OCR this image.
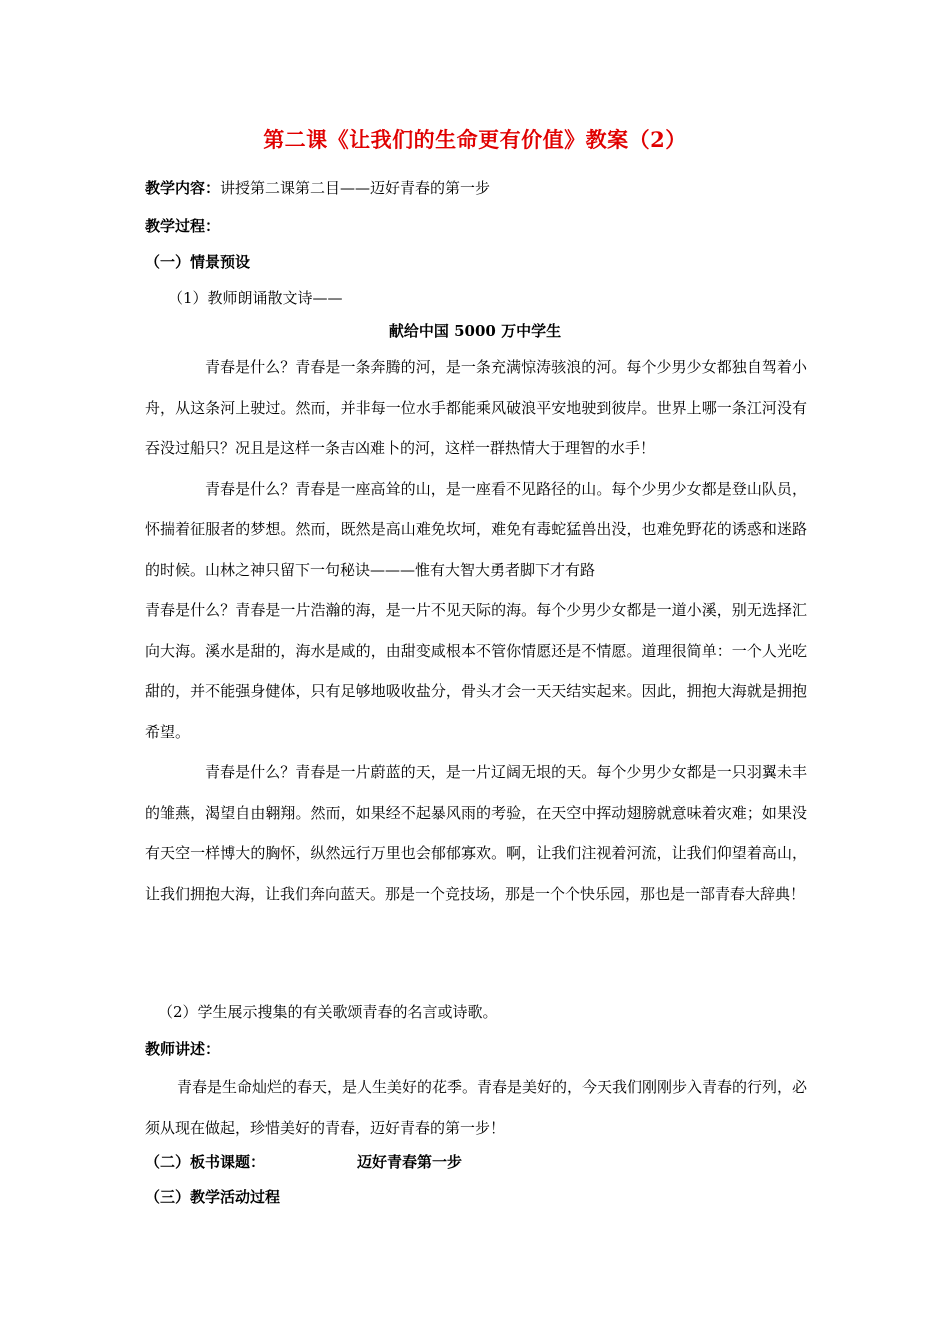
第二课《让我们的生命更有价值》教案（2）
教学内容：讲授第二课第二目——迈好青春的第一步
教学过程：
（一）情景预设
（1）教师朗诵散文诗——
献给中国 5000 万中学生

青春是什么？青春是一条奔腾的河，是一条充满惊涛骇浪的河。每个少男少女都独自驾着小舟，从这条河上驶过。然而，并非每一位水手都能乘风破浪平安地驶到彼岸。世界上哪一条江河没有吞没过船只？况且是这样一条吉凶难卜的河，这样一群热情大于理智的水手！

青春是什么？青春是一座高耸的山，是一座看不见路径的山。每个少男少女都是登山队员，怀揣着征服者的梦想。然而，既然是高山难免坎坷，难免有毒蛇猛兽出没，也难免野花的诱惑和迷路的时候。山林之神只留下一句秘诀———惟有大智大勇者脚下才有路

青春是什么？青春是一片浩瀚的海，是一片不见天际的海。每个少男少女都是一道小溪，别无选择汇向大海。溪水是甜的，海水是咸的，由甜变咸根本不管你情愿还是不情愿。道理很简单：一个人光吃甜的，并不能强身健体，只有足够地吸收盐分，骨头才会一天天结实起来。因此，拥抱大海就是拥抱希望。

青春是什么？青春是一片蔚蓝的天，是一片辽阔无垠的天。每个少男少女都是一只羽翼未丰的雏燕，渴望自由翱翔。然而，如果经不起暴风雨的考验，在天空中挥动翅膀就意味着灾难；如果没有天空一样博大的胸怀，纵然远行万里也会郁郁寡欢。啊，让我们注视着河流，让我们仰望着高山，让我们拥抱大海，让我们奔向蓝天。那是一个竞技场，那是一个个快乐园，那也是一部青春大辞典！

（2）学生展示搜集的有关歌颂青春的名言或诗歌。
教师讲述：

青春是生命灿烂的春天，是人生美好的花季。青春是美好的，今天我们刚刚步入青春的行列，必须从现在做起，珍惜美好的青春，迈好青春的第一步！

（二）板书课题：	迈好青春第一步
（三）教学活动过程
